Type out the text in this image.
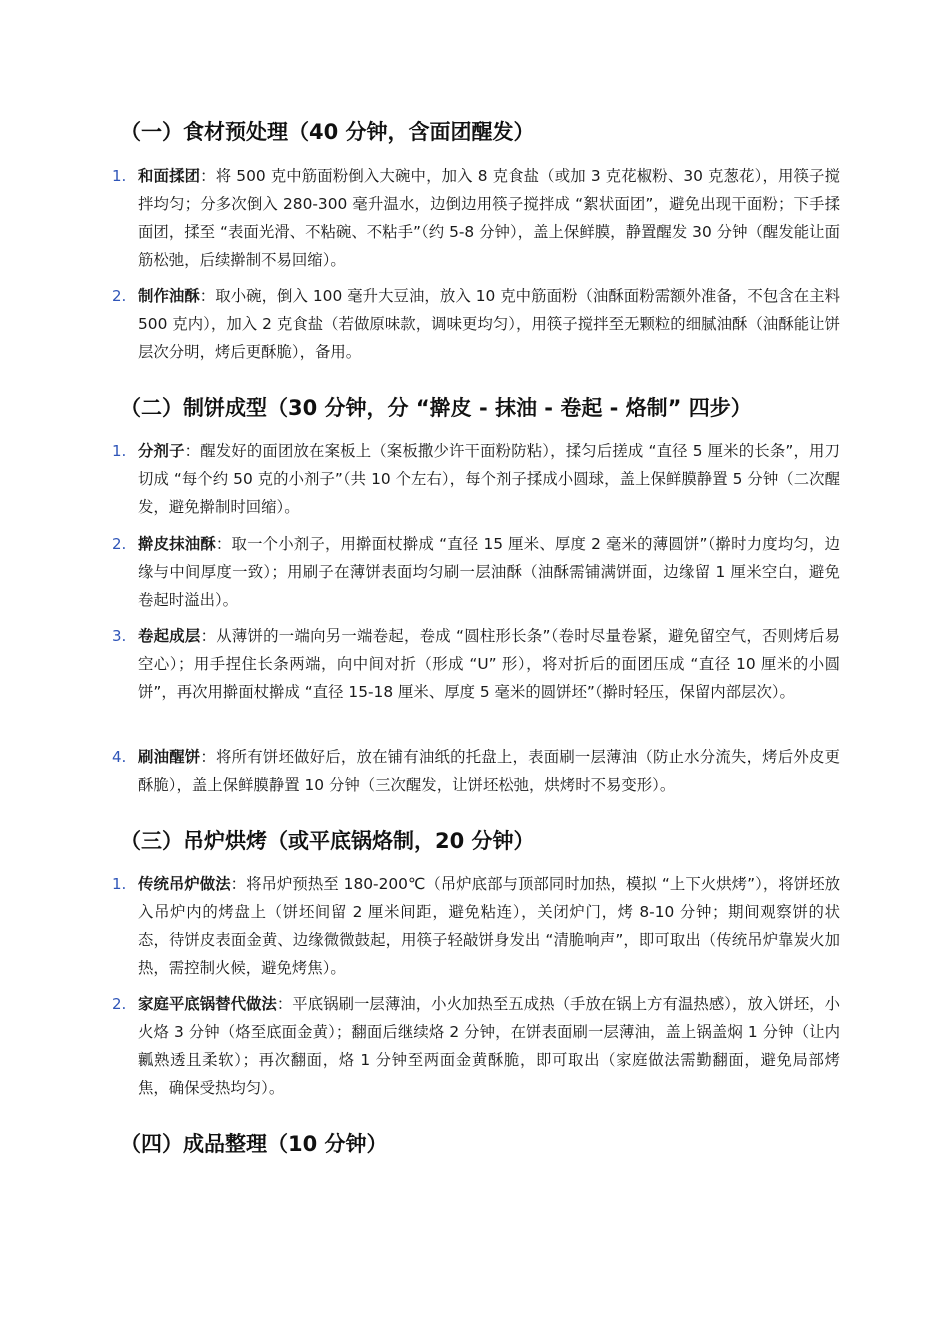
（一）食材预处理（40 分钟，含面团醒发）
1. 和面揉团：将 500 克中筋面粉倒入大碗中，加入 8 克食盐（或加 3 克花椒粉、30 克葱花），用筷子搅拌均匀；分多次倒入 280-300 毫升温水，边倒边用筷子搅拌成 “絮状面团”，避免出现干面粉；下手揉面团，揉至 “表面光滑、不粘碗、不粘手”（约 5-8 分钟），盖上保鲜膜，静置醒发 30 分钟（醒发能让面筋松弛，后续擀制不易回缩）。
2. 制作油酥：取小碗，倒入 100 毫升大豆油，放入 10 克中筋面粉（油酥面粉需额外准备，不包含在主料 500 克内），加入 2 克食盐（若做原味款，调味更均匀），用筷子搅拌至无颗粒的细腻油酥（油酥能让饼层次分明，烤后更酥脆），备用。
（二）制饼成型（30 分钟，分 “擀皮 - 抹油 - 卷起 - 烙制” 四步）
1. 分剂子：醒发好的面团放在案板上（案板撒少许干面粉防粘），揉匀后搓成 “直径 5 厘米的长条”，用刀切成 “每个约 50 克的小剂子”（共 10 个左右），每个剂子揉成小圆球，盖上保鲜膜静置 5 分钟（二次醒发，避免擀制时回缩）。
2. 擀皮抹油酥：取一个小剂子，用擀面杖擀成 “直径 15 厘米、厚度 2 毫米的薄圆饼”（擀时力度均匀，边缘与中间厚度一致）；用刷子在薄饼表面均匀刷一层油酥（油酥需铺满饼面，边缘留 1 厘米空白，避免卷起时溢出）。
3. 卷起成层：从薄饼的一端向另一端卷起，卷成 “圆柱形长条”（卷时尽量卷紧，避免留空气，否则烤后易空心）；用手捏住长条两端，向中间对折（形成 “U” 形），将对折后的面团压成 “直径 10 厘米的小圆饼”，再次用擀面杖擀成 “直径 15-18 厘米、厚度 5 毫米的圆饼坯”（擀时轻压，保留内部层次）。
4. 刷油醒饼：将所有饼坯做好后，放在铺有油纸的托盘上，表面刷一层薄油（防止水分流失，烤后外皮更酥脆），盖上保鲜膜静置 10 分钟（三次醒发，让饼坯松弛，烘烤时不易变形）。
（三）吊炉烘烤（或平底锅烙制，20 分钟）
1. 传统吊炉做法：将吊炉预热至 180-200℃（吊炉底部与顶部同时加热，模拟 “上下火烘烤”），将饼坯放入吊炉内的烤盘上（饼坯间留 2 厘米间距，避免粘连），关闭炉门，烤 8-10 分钟；期间观察饼的状态，待饼皮表面金黄、边缘微微鼓起，用筷子轻敲饼身发出 “清脆响声”，即可取出（传统吊炉靠炭火加热，需控制火候，避免烤焦）。
2. 家庭平底锅替代做法：平底锅刷一层薄油，小火加热至五成热（手放在锅上方有温热感），放入饼坯，小火烙 3 分钟（烙至底面金黄）；翻面后继续烙 2 分钟，在饼表面刷一层薄油，盖上锅盖焖 1 分钟（让内瓤熟透且柔软）；再次翻面，烙 1 分钟至两面金黄酥脆，即可取出（家庭做法需勤翻面，避免局部烤焦，确保受热均匀）。
（四）成品整理（10 分钟）
